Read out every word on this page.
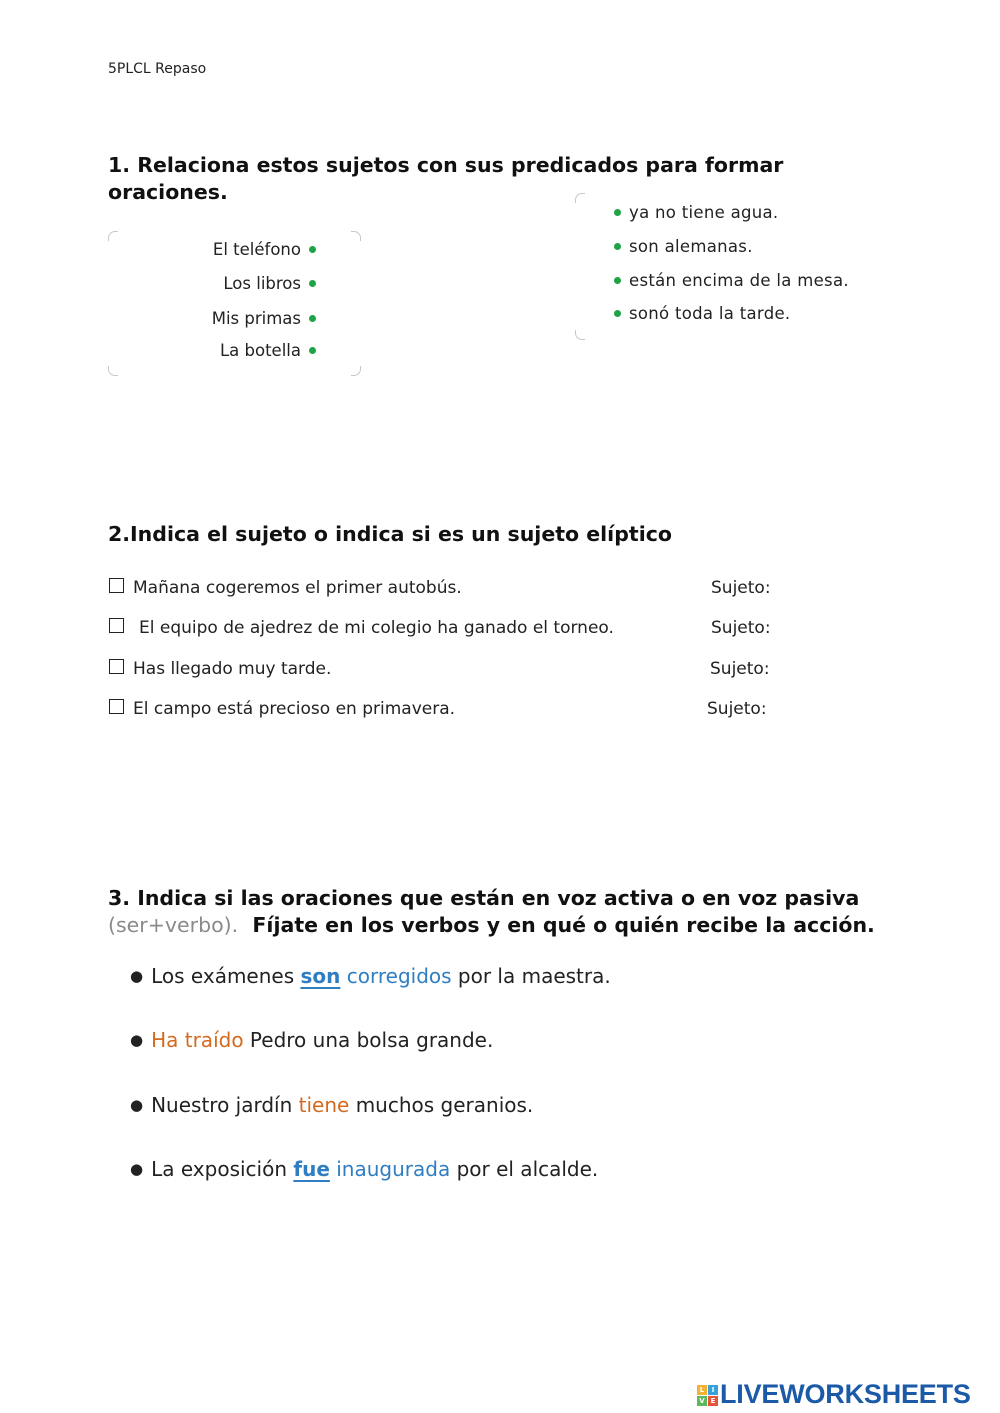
5PLCL Repaso
1. Relaciona estos sujetos con sus predicados para formar oraciones.
El teléfono
Los libros
Mis primas
La botella
ya no tiene agua.
son alemanas.
están encima de la mesa.
sonó toda la tarde.
2.Indica el sujeto o indica si es un sujeto elíptico
Mañana cogeremos el primer autobús.	Sujeto:
El equipo de ajedrez de mi colegio ha ganado el torneo.	Sujeto:
Has llegado muy tarde.	Sujeto:
El campo está precioso en primavera.	Sujeto:
3. Indica si las oraciones que están en voz activa o en voz pasiva
(ser+verbo). Fíjate en los verbos y en qué o quién recibe la acción.
● Los exámenes son corregidos por la maestra.
● Ha traído Pedro una bolsa grande.
● Nuestro jardín tiene muchos geranios.
● La exposición fue inaugurada por el alcalde.
L	I
V E LIVEWORKSHEETS
